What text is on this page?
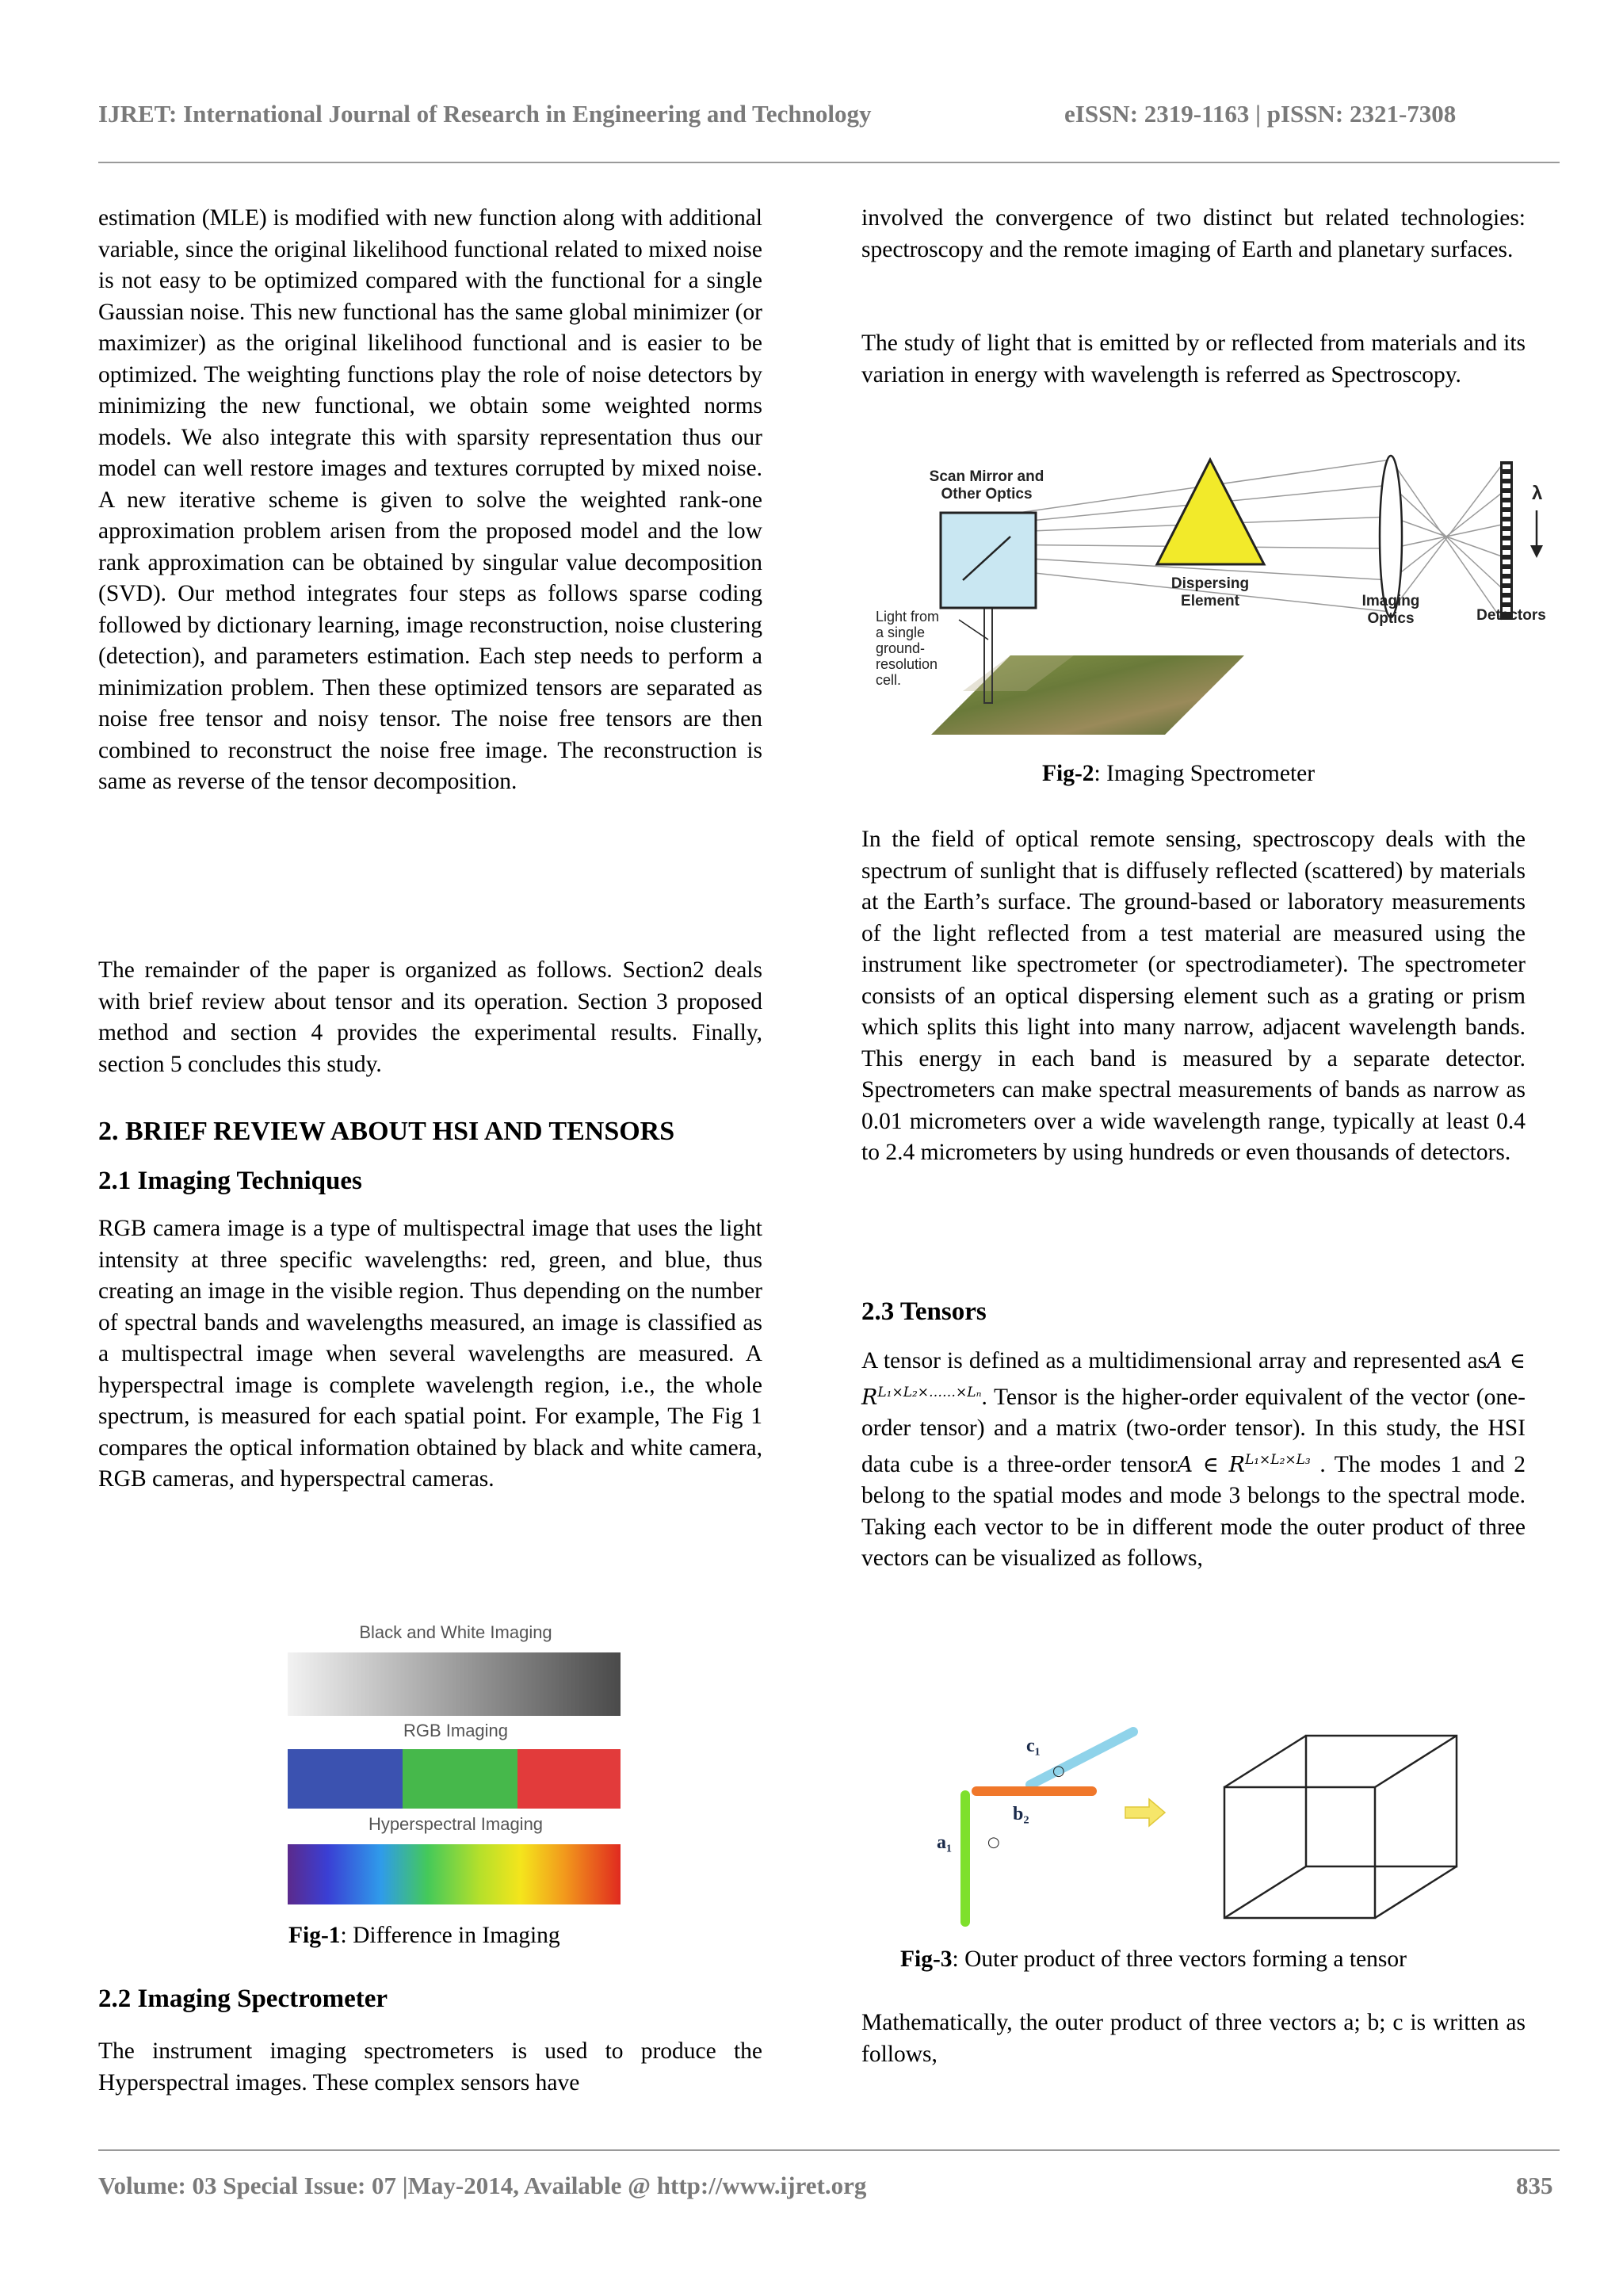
IJRET: International Journal of Research in Engineering and Technology	eISSN: 2319-1163 | pISSN: 2321-7308

estimation (MLE) is modified with new function along with additional variable, since the original likelihood functional related to mixed noise is not easy to be optimized compared with the functional for a single Gaussian noise. This new functional has the same global minimizer (or maximizer) as the original likelihood functional and is easier to be optimized. The weighting functions play the role of noise detectors by minimizing the new functional, we obtain some weighted norms models. We also integrate this with sparsity representation thus our model can well restore images and textures corrupted by mixed noise. A new iterative scheme is given to solve the weighted rank-one approximation problem arisen from the proposed model and the low rank approximation can be obtained by singular value decomposition (SVD). Our method integrates four steps as follows sparse coding followed by dictionary learning, image reconstruction, noise clustering (detection), and parameters estimation. Each step needs to perform a minimization problem. Then these optimized tensors are separated as noise free tensor and noisy tensor. The noise free tensors are then combined to reconstruct the noise free image. The reconstruction is same as reverse of the tensor decomposition.

The remainder of the paper is organized as follows. Section2 deals with brief review about tensor and its operation. Section 3 proposed method and section 4 provides the experimental results. Finally, section 5 concludes this study.

2. BRIEF REVIEW ABOUT HSI AND TENSORS
2.1 Imaging Techniques

RGB camera image is a type of multispectral image that uses the light intensity at three specific wavelengths: red, green, and blue, thus creating an image in the visible region. Thus depending on the number of spectral bands and wavelengths measured, an image is classified as a multispectral image when several wavelengths are measured. A hyperspectral image is complete wavelength region, i.e., the whole spectrum, is measured for each spatial point. For example, The Fig 1 compares the optical information obtained by black and white camera, RGB cameras, and hyperspectral cameras.

Black and White Imaging
RGB Imaging
Hyperspectral Imaging
Fig-1: Difference in Imaging
2.2 Imaging Spectrometer

The instrument imaging spectrometers is used to produce the Hyperspectral images. These complex sensors have

involved the convergence of two distinct but related technologies: spectroscopy and the remote imaging of Earth and planetary surfaces.

The study of light that is emitted by or reflected from materials and its variation in energy with wavelength is referred as Spectroscopy.

Scan Mirror and
Other Optics
Dispersing
Element	Imaging
Optics
λ
Detectors
Light from
a single
ground-
resolution
cell.
Fig-2: Imaging Spectrometer

In the field of optical remote sensing, spectroscopy deals with the spectrum of sunlight that is diffusely reflected (scattered) by materials at the Earth’s surface. The ground-based or laboratory measurements of the light reflected from a test material are measured using the instrument like spectrometer (or spectrodiameter). The spectrometer consists of an optical dispersing element such as a grating or prism which splits this light into many narrow, adjacent wavelength bands. This energy in each band is measured by a separate detector. Spectrometers can make spectral measurements of bands as narrow as 0.01 micrometers over a wide wavelength range, typically at least 0.4 to 2.4 micrometers by using hundreds or even thousands of detectors.

2.3 Tensors

A tensor is defined as a multidimensional array and represented asA ∈ $R^{L_1\times L_2\times\dots\dots\times L_n}$. Tensor is the higher-order equivalent of the vector (one-order tensor) and a matrix (two-order tensor). In this study, the HSI data cube is a three-order tensorA ∈ $R^{L_1\times L_2\times L_3}$ . The modes 1 and 2 belong to the spatial modes and mode 3 belongs to the spectral mode. Taking each vector to be in different mode the outer product of three vectors can be visualized as follows,

c₁
○
b₂
a₁ ○
Fig-3: Outer product of three vectors forming a tensor

Mathematically, the outer product of three vectors a; b; c is written as follows,

Volume: 03 Special Issue: 07 |May-2014, Available @ http://www.ijret.org	835
